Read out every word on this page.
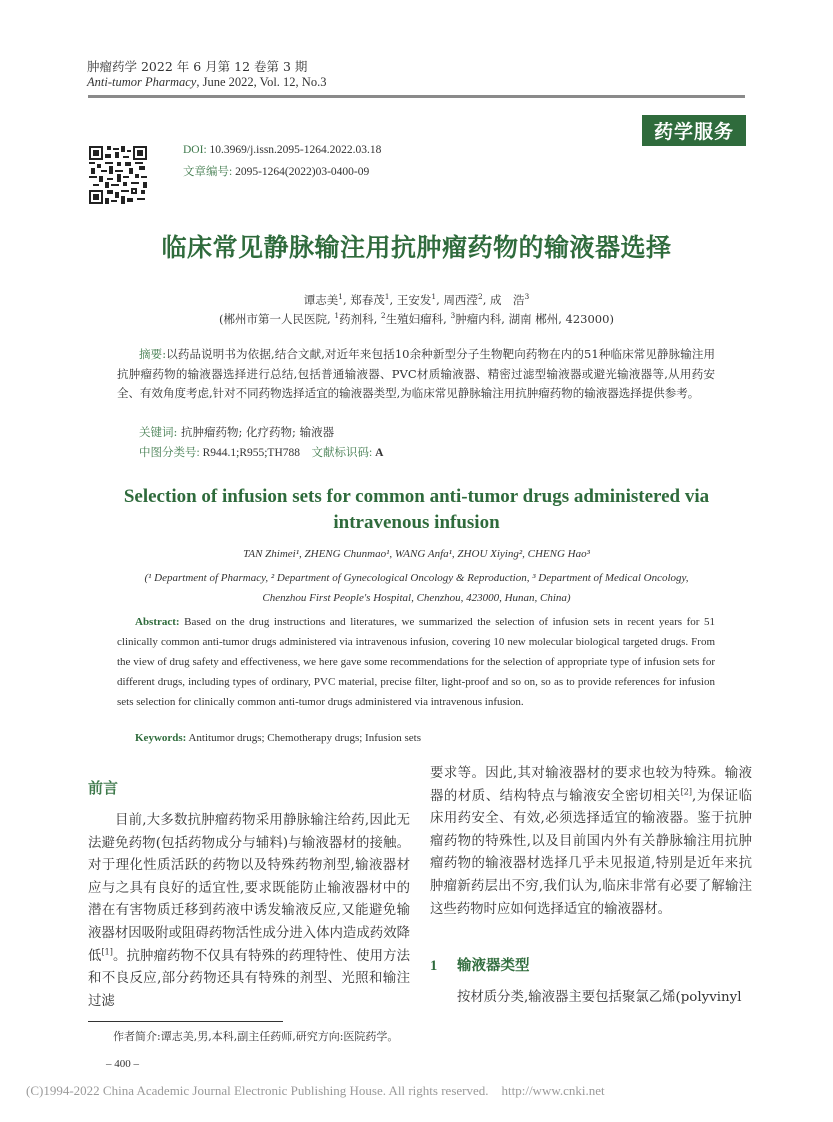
肿瘤药学 2022 年 6 月第 12 卷第 3 期
Anti-tumor Pharmacy, June 2022, Vol. 12, No.3
药学服务
DOI: 10.3969/j.issn.2095-1264.2022.03.18
文章编号: 2095-1264(2022)03-0400-09
临床常见静脉输注用抗肿瘤药物的输液器选择
谭志美$^1$, 郑春茂$^1$, 王安发$^1$, 周西滢$^2$, 成　浩$^3$
(郴州市第一人民医院, $^1$药剂科, $^2$生殖妇瘤科, $^3$肿瘤内科, 湖南 郴州, 423000)
摘要:以药品说明书为依据,结合文献,对近年来包括10余种新型分子生物靶向药物在内的51种临床常见静脉输注用抗肿瘤药物的输液器选择进行总结,包括普通输液器、PVC材质输液器、精密过滤型输液器或避光输液器等,从用药安全、有效角度考虑,针对不同药物选择适宜的输液器类型,为临床常见静脉输注用抗肿瘤药物的输液器选择提供参考。
关键词: 抗肿瘤药物; 化疗药物; 输液器
中图分类号: R944.1;R955;TH788 文献标识码: A
Selection of infusion sets for common anti-tumor drugs administered via intravenous infusion
TAN Zhimei¹, ZHENG Chunmao¹, WANG Anfa¹, ZHOU Xiying², CHENG Hao³
(¹ Department of Pharmacy, ² Department of Gynecological Oncology & Reproduction, ³ Department of Medical Oncology,
Chenzhou First People's Hospital, Chenzhou, 423000, Hunan, China)
Abstract: Based on the drug instructions and literatures, we summarized the selection of infusion sets in recent years for 51 clinically common anti-tumor drugs administered via intravenous infusion, covering 10 new molecular biological targeted drugs. From the view of drug safety and effectiveness, we here gave some recommendations for the selection of appropriate type of infusion sets for different drugs, including types of ordinary, PVC material, precise filter, light-proof and so on, so as to provide references for infusion sets selection for clinically common anti-tumor drugs administered via intravenous infusion.
Keywords: Antitumor drugs; Chemotherapy drugs; Infusion sets
前言
目前,大多数抗肿瘤药物采用静脉输注给药,因此无法避免药物(包括药物成分与辅料)与输液器材的接触。对于理化性质活跃的药物以及特殊药物剂型,输液器材应与之具有良好的适宜性,要求既能防止输液器材中的潜在有害物质迁移到药液中诱发输液反应,又能避免输液器材因吸附或阻碍药物活性成分进入体内造成药效降低[1]。抗肿瘤药物不仅具有特殊的药理特性、使用方法和不良反应,部分药物还具有特殊的剂型、光照和输注过滤
要求等。因此,其对输液器材的要求也较为特殊。输液器的材质、结构特点与输液安全密切相关[2],为保证临床用药安全、有效,必须选择适宜的输液器。鉴于抗肿瘤药物的特殊性,以及目前国内外有关静脉输注用抗肿瘤药物的输液器材选择几乎未见报道,特别是近年来抗肿瘤新药层出不穷,我们认为,临床非常有必要了解输注这些药物时应如何选择适宜的输液器材。
1 输液器类型
按材质分类,输液器主要包括聚氯乙烯(polyvinyl
作者简介:谭志美,男,本科,副主任药师,研究方向:医院药学。
– 400 –
(C)1994-2022 China Academic Journal Electronic Publishing House. All rights reserved.    http://www.cnki.net
